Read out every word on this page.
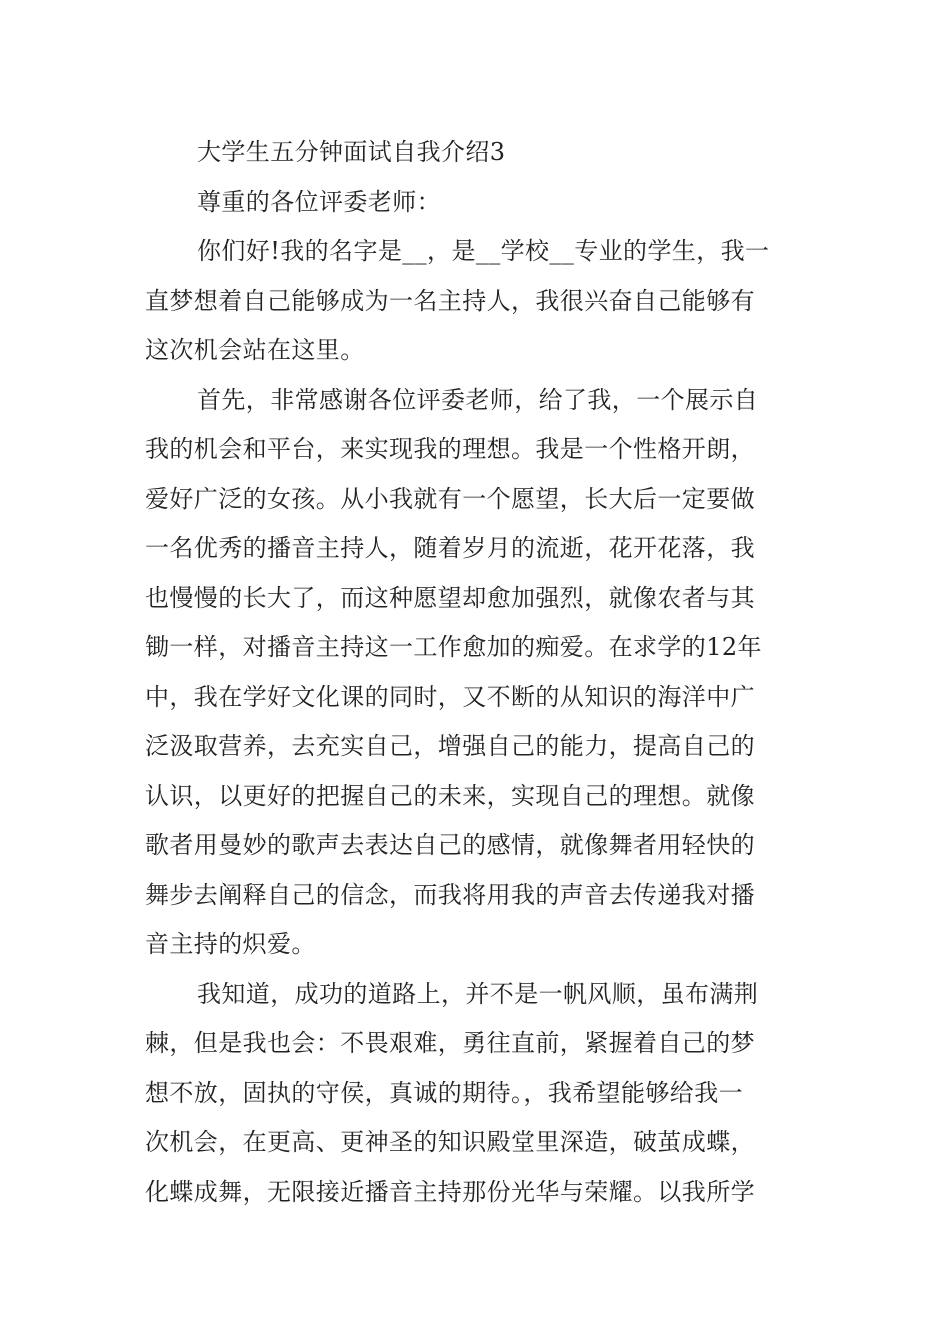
大学生五分钟面试自我介绍3
尊重的各位评委老师：
你们好!我的名字是__，是__学校__专业的学生，我一
直梦想着自己能够成为一名主持人，我很兴奋自己能够有
这次机会站在这里。
首先，非常感谢各位评委老师，给了我，一个展示自
我的机会和平台，来实现我的理想。我是一个性格开朗，
爱好广泛的女孩。从小我就有一个愿望，长大后一定要做
一名优秀的播音主持人，随着岁月的流逝，花开花落，我
也慢慢的长大了，而这种愿望却愈加强烈，就像农者与其
锄一样，对播音主持这一工作愈加的痴爱。在求学的12年
中，我在学好文化课的同时，又不断的从知识的海洋中广
泛汲取营养，去充实自己，增强自己的能力，提高自己的
认识，以更好的把握自己的未来，实现自己的理想。就像
歌者用曼妙的歌声去表达自己的感情，就像舞者用轻快的
舞步去阐释自己的信念，而我将用我的声音去传递我对播
音主持的炽爱。
我知道，成功的道路上，并不是一帆风顺，虽布满荆
棘，但是我也会：不畏艰难，勇往直前，紧握着自己的梦
想不放，固执的守侯，真诚的期待。，我希望能够给我一
次机会，在更高、更神圣的知识殿堂里深造，破茧成蝶，
化蝶成舞，无限接近播音主持那份光华与荣耀。以我所学
